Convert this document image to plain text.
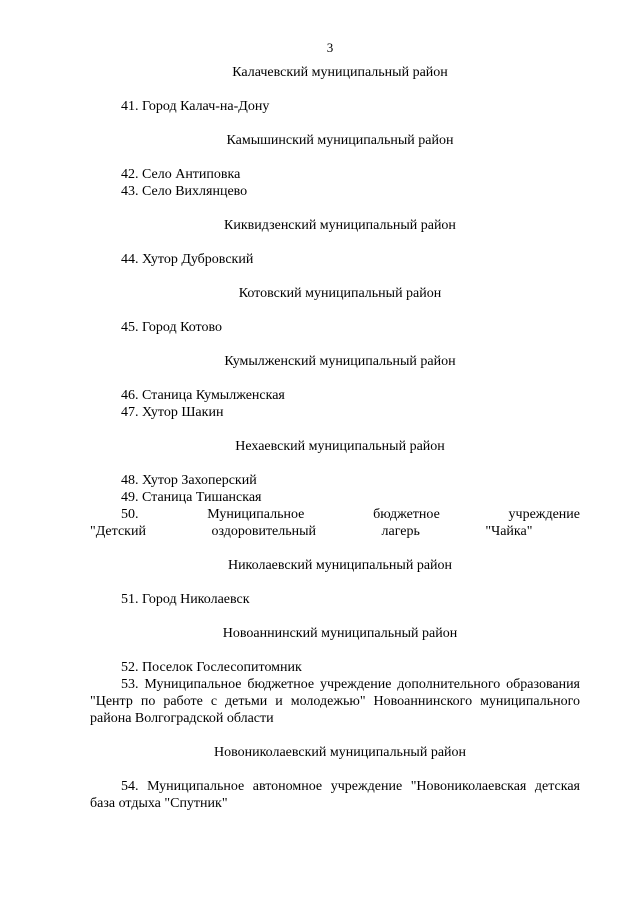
3

Калачевский муниципальный район

41. Город Калач-на-Дону

Камышинский муниципальный район

42. Село Антиповка

43. Село Вихлянцево

Киквидзенский муниципальный район

44. Хутор Дубровский

Котовский муниципальный район

45. Город Котово

Кумылженский муниципальный район

46. Станица Кумылженская

47. Хутор Шакин

Нехаевский муниципальный район

48. Хутор Захоперский

49. Станица Тишанская

50.	Муниципальное бюджетное учреждение "Детский оздоровительный лагерь "Чайка"

Николаевский муниципальный район

51. Город Николаевск

Новоаннинский муниципальный район

52. Поселок Гослесопитомник

53. Муниципальное бюджетное учреждение дополнительного образования "Центр по работе с детьми и молодежью" Новоаннинского муниципального района Волгоградской области

Новониколаевский муниципальный район

54. Муниципальное автономное учреждение "Новониколаевская детская база отдыха "Спутник"
